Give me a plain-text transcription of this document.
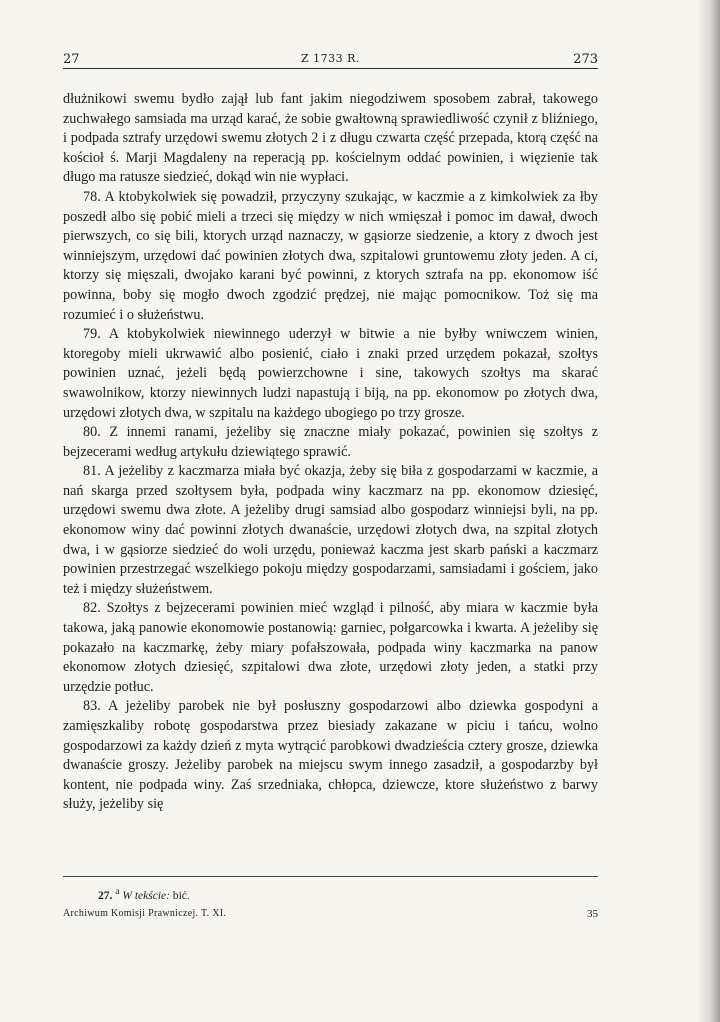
27	Z 1733 R.	273

dłużnikowi swemu bydło zajął lub fant jakim niegodziwem sposobem zabrał, takowego zuchwałego samsiada ma urząd karać, że sobie gwałtowną sprawiedliwość czynił z bliźniego, i podpada sztrafy urzędowi swemu złotych 2 i z długu czwarta część przepada, ktorą część na kościoł ś. Marji Magdaleny na reperacją pp. kościelnym oddać powinien, i więzienie tak długo ma ratusze siedzieć, dokąd win nie wypłaci.

78. A ktobykolwiek się powadził, przyczyny szukając, w kaczmie a z kimkolwiek za łby poszedł albo się pobić mieli a trzeci się między w nich wmięszał i pomoc im dawał, dwoch pierwszych, co się bili, ktorych urząd naznaczy, w gąsiorze siedzenie, a ktory z dwoch jest winniejszym, urzędowi dać powinien złotych dwa, szpitalowi gruntowemu złoty jeden. A ci, ktorzy się mięszali, dwojako karani być powinni, z ktorych sztrafa na pp. ekonomow iść powinna, boby się mogło dwoch zgodzić prędzej, nie mając pomocnikow. Toż się ma rozumieć i o służeństwu.

79. A ktobykolwiek niewinnego uderzył w bitwie a nie byłby wniwczem winien, ktoregoby mieli ukrwawić albo posienić, ciało i znaki przed urzędem pokazał, szołtys powinien uznać, jeżeli będą powierzchowne i sine, takowych szołtys ma skarać swawolnikow, ktorzy niewinnych ludzi napastują i biją, na pp. ekonomow po złotych dwa, urzędowi złotych dwa, w szpitalu na każdego ubogiego po trzy grosze.

80. Z innemi ranami, jeżeliby się znaczne miały pokazać, powinien się szołtys z bejzecerami według artykułu dziewiątego sprawić.

81. A jeżeliby z kaczmarza miała być okazja, żeby się biła z gospodarzami w kaczmie, a nań skarga przed szołtysem była, podpada winy kaczmarz na pp. ekonomow dziesięć, urzędowi swemu dwa złote. A jeżeliby drugi samsiad albo gospodarz winniejsi byli, na pp. ekonomow winy dać powinni złotych dwanaście, urzędowi złotych dwa, na szpital złotych dwa, i w gąsiorze siedzieć do woli urzędu, ponieważ kaczma jest skarb pański a kaczmarz powinien przestrzegać wszelkiego pokoju między gospodarzami, samsiadami i gościem, jako też i między służeństwem.

82. Szołtys z bejzecerami powinien mieć wzgląd i pilność, aby miara w kaczmie była takowa, jaką panowie ekonomowie postanowią: garniec, połgarcowka i kwarta. A jeżeliby się pokazało na kaczmarkę, żeby miary pofałszowała, podpada winy kaczmarka na panow ekonomow złotych dziesięć, szpitalowi dwa złote, urzędowi złoty jeden, a statki przy urzędzie potłuc.

83. A jeżeliby parobek nie był posłuszny gospodarzowi albo dziewka gospodyni a zamięszkaliby robotę gospodarstwa przez biesiady zakazane w piciu i tańcu, wolno gospodarzowi za każdy dzień z myta wytrącić parobkowi dwadzieścia cztery grosze, dziewka dwanaście groszy. Jeżeliby parobek na miejscu swym innego zasadził, a gospodarzby był kontent, nie podpada winy. Zaś srzedniaka, chłopca, dziewcze, ktore służeństwo z barwy służy, jeżeliby się

27. $^a$ W tekście: bić.
Archiwum Komisji Prawniczej. T. XI.	35
